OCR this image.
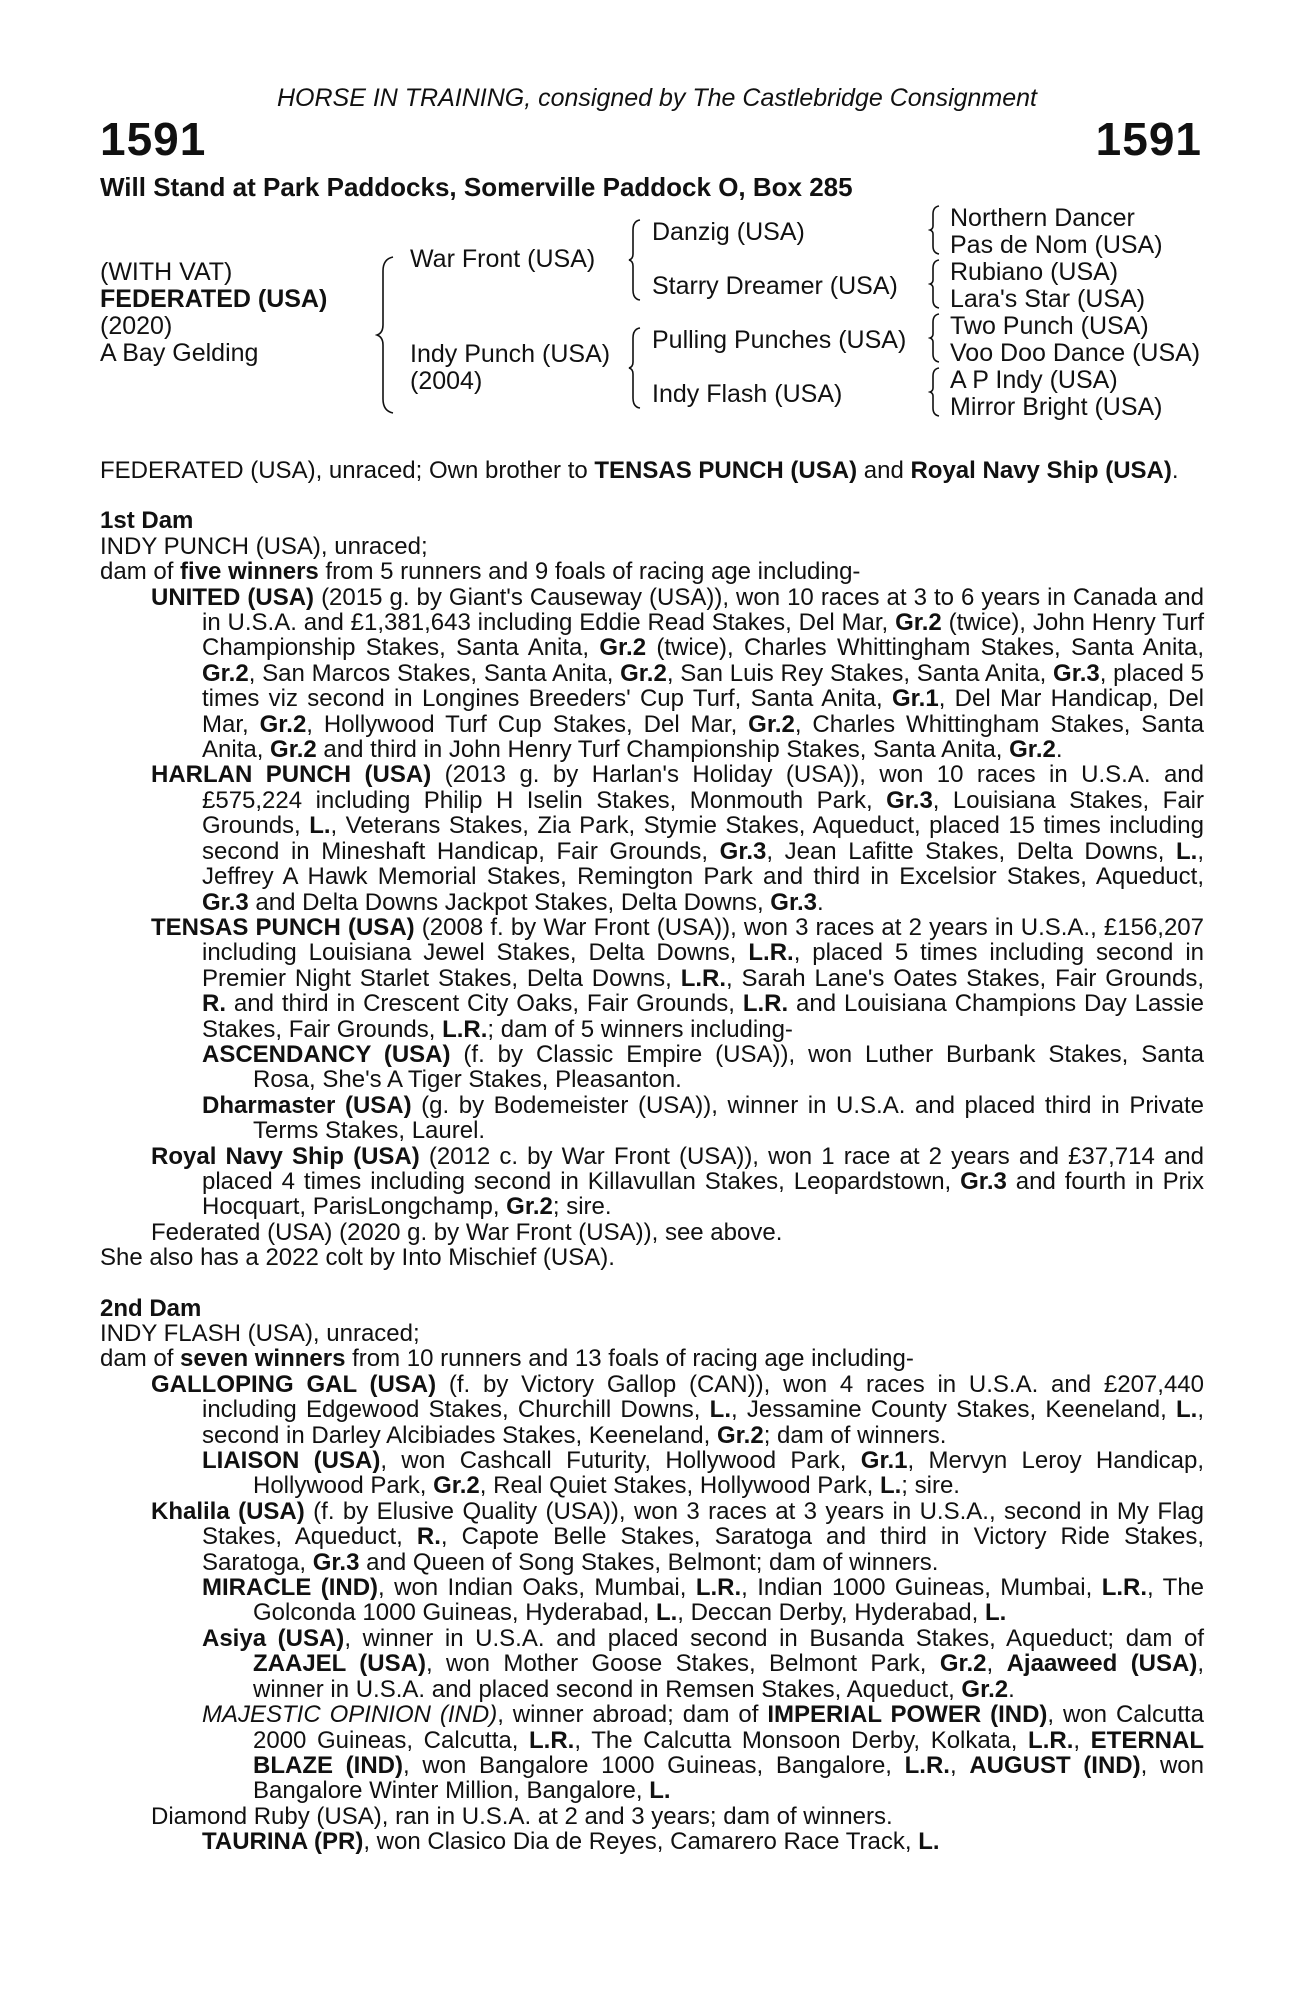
HORSE IN TRAINING, consigned by The Castlebridge Consignment
1591	1591
Will Stand at Park Paddocks, Somerville Paddock O, Box 285
(WITH VAT)
FEDERATED (USA)
(2020)
A Bay Gelding
War Front (USA)
Indy Punch (USA)
(2004)
Danzig (USA)
Starry Dreamer (USA)
Pulling Punches (USA)
Indy Flash (USA)
Northern Dancer
Pas de Nom (USA)
Rubiano (USA)
Lara's Star (USA)
Two Punch (USA)
Voo Doo Dance (USA)
A P Indy (USA)
Mirror Bright (USA)

FEDERATED (USA), unraced; Own brother to TENSAS PUNCH (USA) and Royal Navy Ship (USA).

1st Dam

INDY PUNCH (USA), unraced;

dam of five winners from 5 runners and 9 foals of racing age including-

UNITED (USA) (2015 g. by Giant's Causeway (USA)), won 10 races at 3 to 6 years in Canada and in U.S.A. and £1,381,643 including Eddie Read Stakes, Del Mar, Gr.2 (twice), John Henry Turf Championship Stakes, Santa Anita, Gr.2 (twice), Charles Whittingham Stakes, Santa Anita, Gr.2, San Marcos Stakes, Santa Anita, Gr.2, San Luis Rey Stakes, Santa Anita, Gr.3, placed 5 times viz second in Longines Breeders' Cup Turf, Santa Anita, Gr.1, Del Mar Handicap, Del Mar, Gr.2, Hollywood Turf Cup Stakes, Del Mar, Gr.2, Charles Whittingham Stakes, Santa Anita, Gr.2 and third in John Henry Turf Championship Stakes, Santa Anita, Gr.2.

HARLAN PUNCH (USA) (2013 g. by Harlan's Holiday (USA)), won 10 races in U.S.A. and £575,224 including Philip H Iselin Stakes, Monmouth Park, Gr.3, Louisiana Stakes, Fair Grounds, L., Veterans Stakes, Zia Park, Stymie Stakes, Aqueduct, placed 15 times including second in Mineshaft Handicap, Fair Grounds, Gr.3, Jean Lafitte Stakes, Delta Downs, L., Jeffrey A Hawk Memorial Stakes, Remington Park and third in Excelsior Stakes, Aqueduct, Gr.3 and Delta Downs Jackpot Stakes, Delta Downs, Gr.3.

TENSAS PUNCH (USA) (2008 f. by War Front (USA)), won 3 races at 2 years in U.S.A., £156,207 including Louisiana Jewel Stakes, Delta Downs, L.R., placed 5 times including second in Premier Night Starlet Stakes, Delta Downs, L.R., Sarah Lane's Oates Stakes, Fair Grounds, R. and third in Crescent City Oaks, Fair Grounds, L.R. and Louisiana Champions Day Lassie Stakes, Fair Grounds, L.R.; dam of 5 winners including-

ASCENDANCY (USA) (f. by Classic Empire (USA)), won Luther Burbank Stakes, Santa Rosa, She's A Tiger Stakes, Pleasanton.

Dharmaster (USA) (g. by Bodemeister (USA)), winner in U.S.A. and placed third in Private Terms Stakes, Laurel.

Royal Navy Ship (USA) (2012 c. by War Front (USA)), won 1 race at 2 years and £37,714 and placed 4 times including second in Killavullan Stakes, Leopardstown, Gr.3 and fourth in Prix Hocquart, ParisLongchamp, Gr.2; sire.

Federated (USA) (2020 g. by War Front (USA)), see above.

She also has a 2022 colt by Into Mischief (USA).

2nd Dam

INDY FLASH (USA), unraced;

dam of seven winners from 10 runners and 13 foals of racing age including-

GALLOPING GAL (USA) (f. by Victory Gallop (CAN)), won 4 races in U.S.A. and £207,440 including Edgewood Stakes, Churchill Downs, L., Jessamine County Stakes, Keeneland, L., second in Darley Alcibiades Stakes, Keeneland, Gr.2; dam of winners.

LIAISON (USA), won Cashcall Futurity, Hollywood Park, Gr.1, Mervyn Leroy Handicap, Hollywood Park, Gr.2, Real Quiet Stakes, Hollywood Park, L.; sire.

Khalila (USA) (f. by Elusive Quality (USA)), won 3 races at 3 years in U.S.A., second in My Flag Stakes, Aqueduct, R., Capote Belle Stakes, Saratoga and third in Victory Ride Stakes, Saratoga, Gr.3 and Queen of Song Stakes, Belmont; dam of winners.

MIRACLE (IND), won Indian Oaks, Mumbai, L.R., Indian 1000 Guineas, Mumbai, L.R., The Golconda 1000 Guineas, Hyderabad, L., Deccan Derby, Hyderabad, L.

Asiya (USA), winner in U.S.A. and placed second in Busanda Stakes, Aqueduct; dam of ZAAJEL (USA), won Mother Goose Stakes, Belmont Park, Gr.2, Ajaaweed (USA), winner in U.S.A. and placed second in Remsen Stakes, Aqueduct, Gr.2.

MAJESTIC OPINION (IND), winner abroad; dam of IMPERIAL POWER (IND), won Calcutta 2000 Guineas, Calcutta, L.R., The Calcutta Monsoon Derby, Kolkata, L.R., ETERNAL BLAZE (IND), won Bangalore 1000 Guineas, Bangalore, L.R., AUGUST (IND), won Bangalore Winter Million, Bangalore, L.

Diamond Ruby (USA), ran in U.S.A. at 2 and 3 years; dam of winners.

TAURINA (PR), won Clasico Dia de Reyes, Camarero Race Track, L.
